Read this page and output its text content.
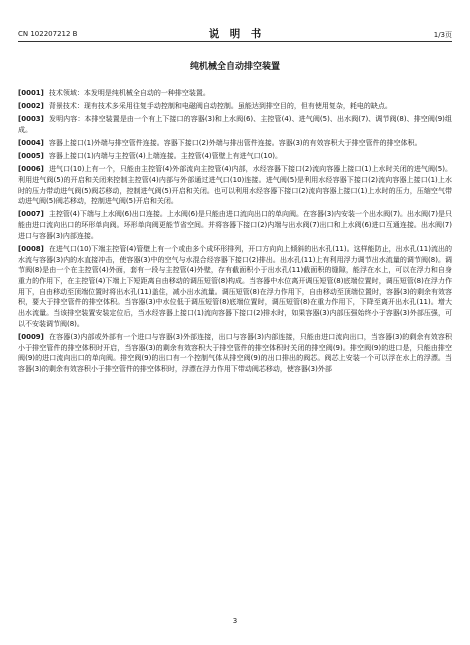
CN 102207212 B	说　明　书	1/3页
纯机械全自动排空装置

[0001] 技术领域：本发明是纯机械全自动的一种排空装置。

[0002] 背景技术：现有技术多采用往复手动控制和电磁阀自动控制。虽能达到排空目的，但有使用复杂，耗电的缺点。

[0003] 发明内容：本排空装置是由一个有上下接口的容器(3)和上水阀(6)、主控管(4)、进气阀(5)、出水阀(7)、调节阀(8)、排空阀(9)组成。

[0004] 容器上接口(1)外端与排空管件连接。容器下接口(2)外端与排出管件连接。容器(3)的有效容积大于排空管件的排空体积。

[0005] 容器上接口(1)内端与主控管(4)上端连接。主控管(4)管壁上有进气口(10)。

[0006] 进气口(10)上有一个，只能由主控管(4)外部流向主控管(4)内部，水经容器下接口(2)流向容器上接口(1)上水时关闭的进气阀(5)。利用进气阀(5)的开启和关闭来控制主控管(4)内部与外部通过进气口(10)连接。进气阀(5)是利用水经容器下接口(2)流向容器上接口(1)上水时的压力带动进气阀(5)阀芯移动，控制进气阀(5)开启和关闭。也可以利用水经容器下接口(2)流向容器上接口(1)上水时的压力，压缩空气带动进气阀(5)阀芯移动，控制进气阀(5)开启和关闭。

[0007] 主控管(4)下端与上水阀(6)出口连接。上水阀(6)是只能由进口流向出口的单向阀。在容器(3)内安装一个出水阀(7)。出水阀(7)是只能由进口流向出口的环形单向阀。环形单向阀更能节省空间。并将容器下接口(2)内端与出水阀(7)出口和上水阀(6)进口互通连接。出水阀(7)进口与容器(3)内部连接。

[0008] 在进气口(10)下端主控管(4)管壁上有一个或由多个成环形排列，开口方向向上倾斜的出水孔(11)。这样能防止，出水孔(11)流出的水流与容器(3)内的水直接冲击，使容器(3)中的空气与水混合经容器下接口(2)排出。出水孔(11)上有利用浮力调节出水流量的调节阀(8)。调节阀(8)是由一个在主控管(4)外面，套有一段与主控管(4)外壁，存有截面积小于出水孔(11)截面积的缝隙，能浮在水上，可以在浮力和自身重力的作用下，在主控管(4)下端上下短距离自由移动的调压短管(8)构成。当容器中水位离开调压短管(8)底端位置时，调压短管(8)在浮力作用下，自由移动至顶端位置时将出水孔(11)盖住，减小出水流量。调压短管(8)在浮力作用下，自由移动至顶端位置时，容器(3)的剩余有效容积，要大于排空管件的排空体积。当容器(3)中水位低于调压短管(8)底端位置时，调压短管(8)在重力作用下，下降至离开出水孔(11)。增大出水流量。当该排空装置安装定位后，当水经容器上接口(1)流向容器下接口(2)排水时，如果容器(3)内部压强始终小于容器(3)外部压强，可以不安装调节阀(8)。

[0009] 在容器(3)内部或外部有一个进口与容器(3)外部连接，出口与容器(3)内部连接，只能由进口流向出口，当容器(3)的剩余有效容积小于排空管件的排空体积时开启，当容器(3)的剩余有效容积大于排空管件的排空体积时关闭的排空阀(9)。排空阀(9)的进口是，只能由排空阀(9)的进口流向出口的单向阀。排空阀(9)的出口有一个控制气体从排空阀(9)的出口排出的阀芯。阀芯上安装一个可以浮在水上的浮漂。当容器(3)的剩余有效容积小于排空管件的排空体积时，浮漂在浮力作用下带动阀芯移动，使容器(3)外部

3
